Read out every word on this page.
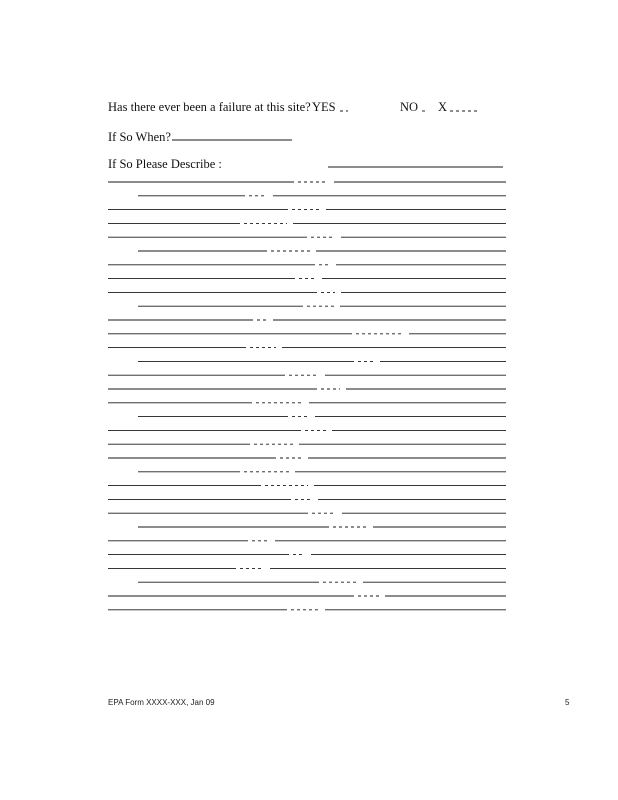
Has there ever been a failure at this site? YES	NO X
If So When?
If So Please Describe :
EPA Form XXXX-XXX, Jan 09	5
